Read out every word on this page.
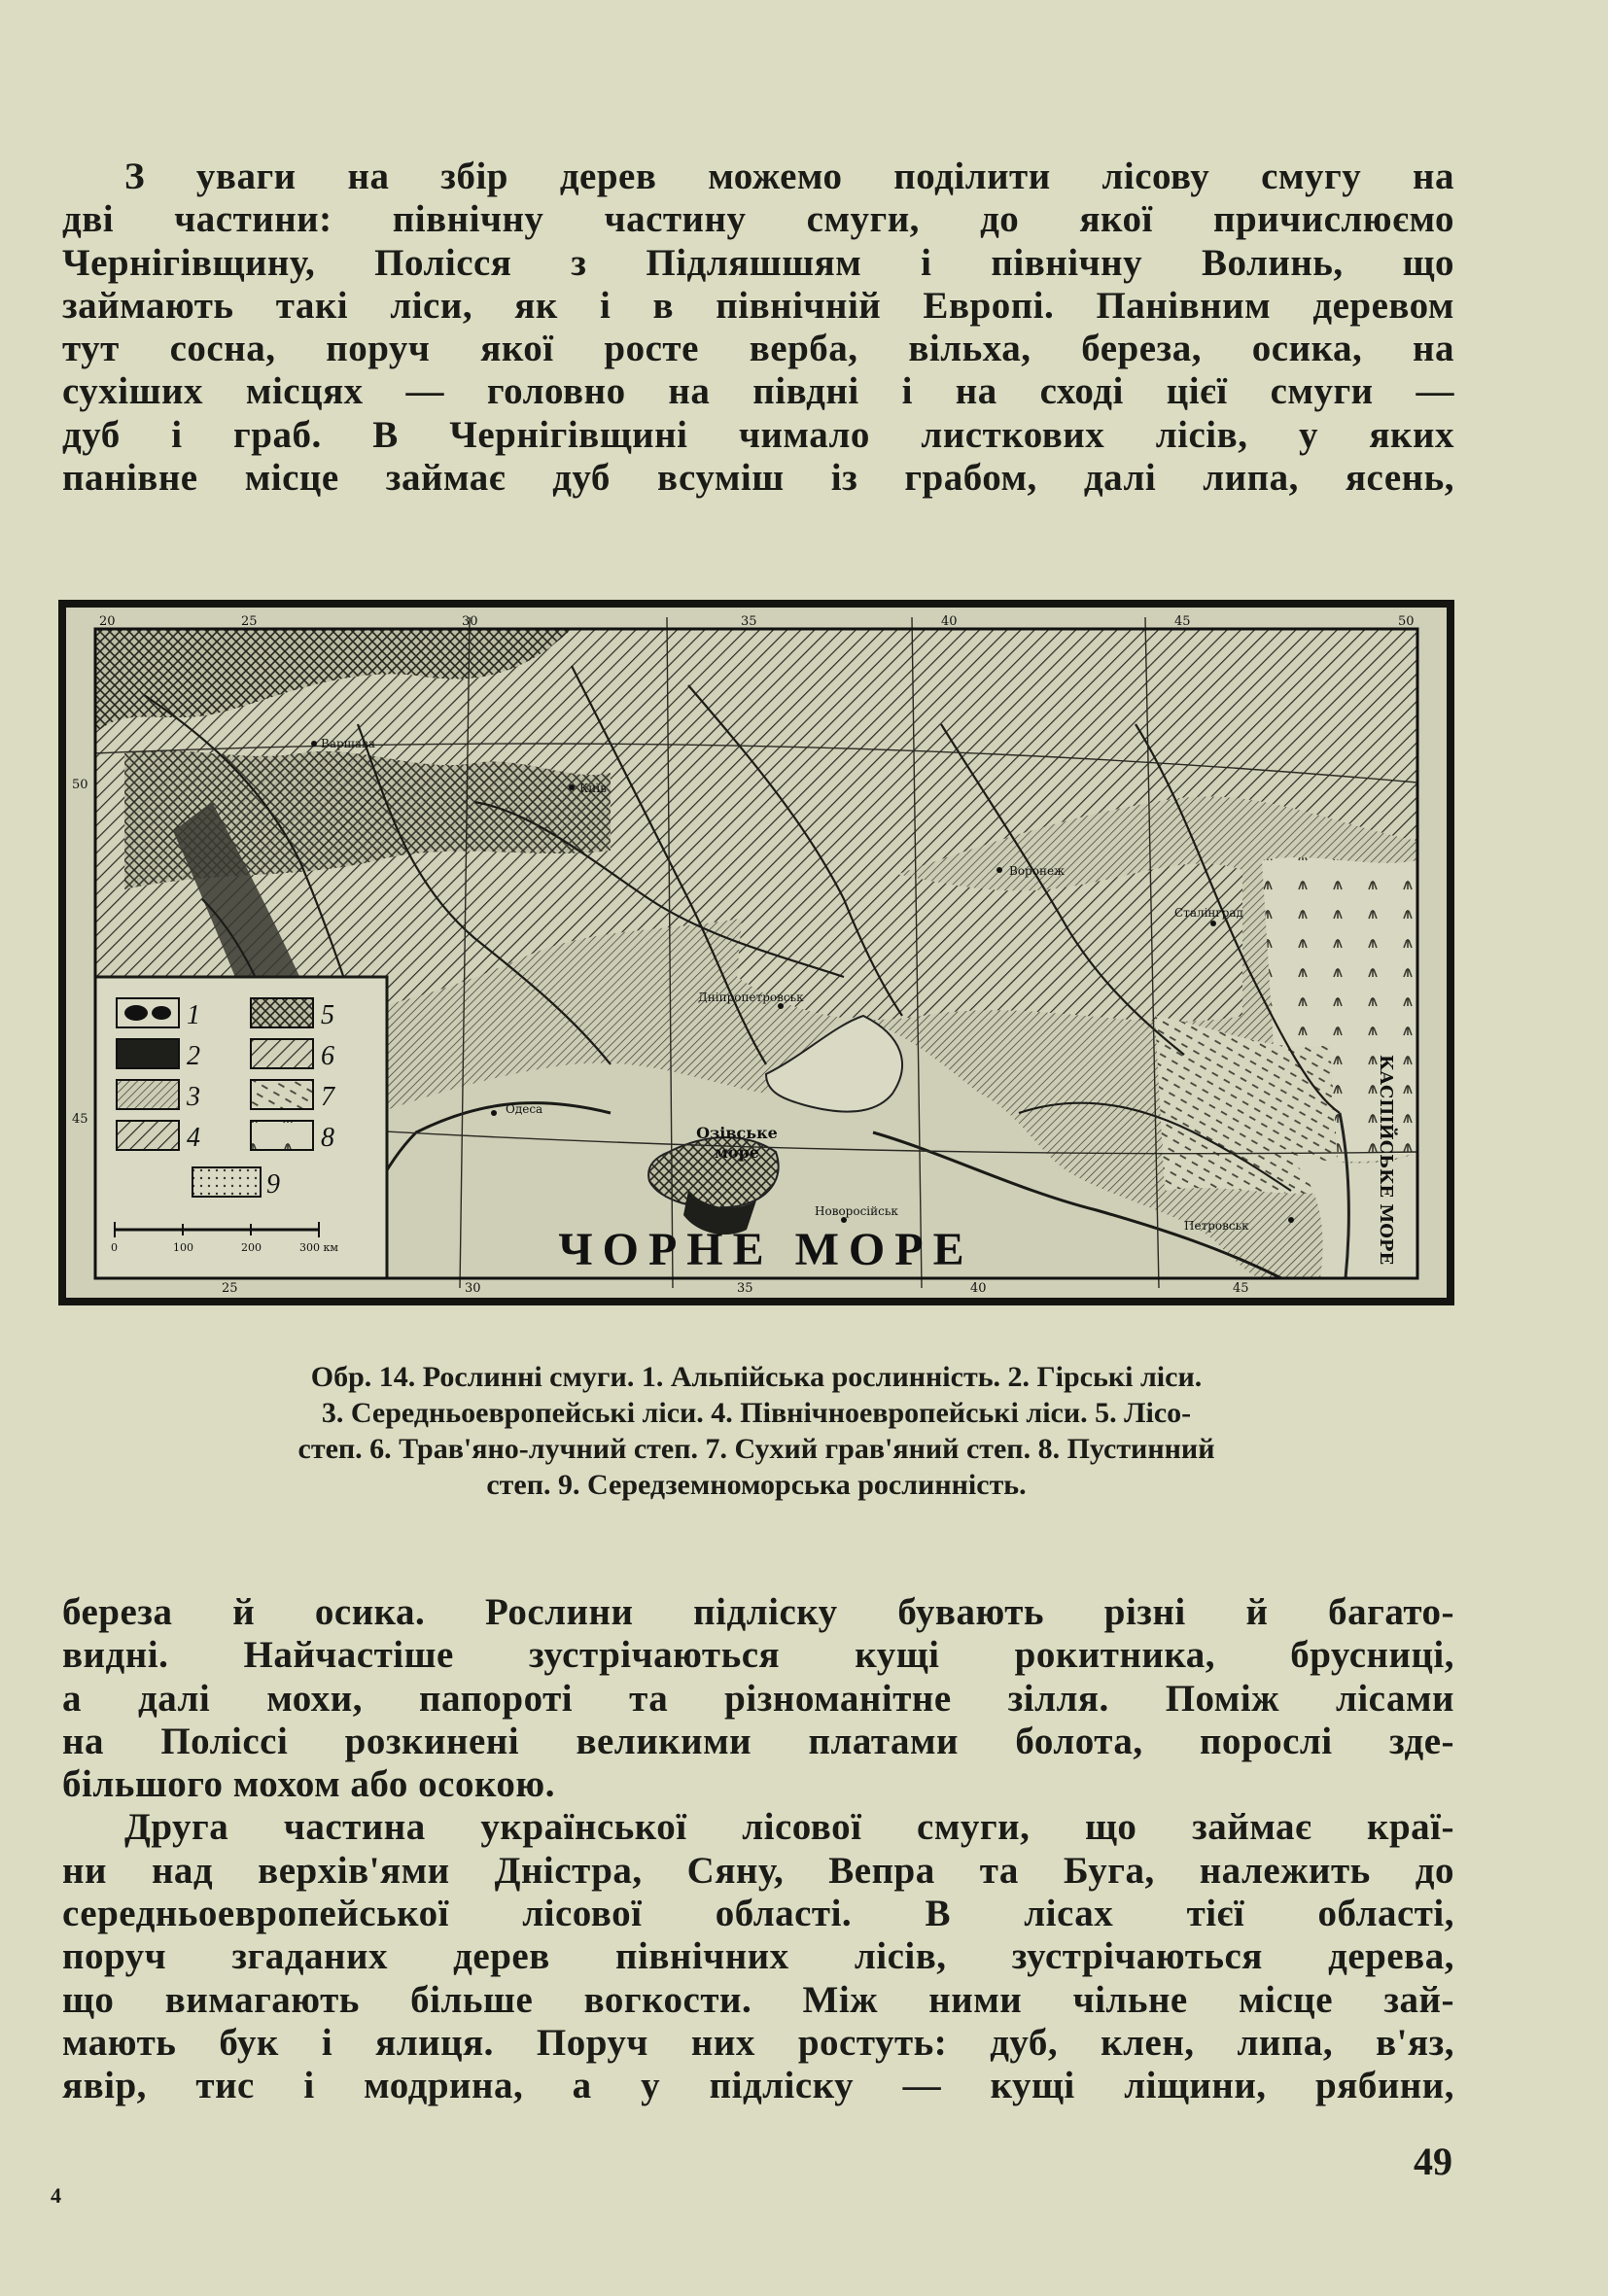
З уваги на збір дерев можемо поділити лісову смугу на
дві частини: північну частину смуги, до якої причислюємо
Чернігівщину, Полісся з Підляшшям і північну Волинь, що
займають такі ліси, як і в північній Европі. Панівним деревом
тут сосна, поруч якої росте верба, вільха, береза, осика, на
сухіших місцях — головно на півдні і на сході цієї смуги —
дуб і граб. В Чернігівщині чимало листкових лісів, у яких
панівне місце займає дуб всуміш із грабом, далі липа, ясень,
Варшава
Київ
Дніпропетровськ
Воронеж
Сталінград
Одеса
Петровськ
Новоросійськ
20	25	30	35	40	45	50
25	30	35	40	45
50
45
Озівське
море	КАСПІЙСЬКЕ МОРЕ
ЧОРНЕ МОРЕ
1
2
3
4
5
6
7
8
9
0	100	200	300 км
Обр. 14. Рослинні смуги. 1. Альпійська рослинність. 2. Гірські ліси.
3. Середньоевропейські ліси. 4. Північноевропейські ліси. 5. Лісо-
степ. 6. Трав'яно-лучний степ. 7. Сухий грав'яний степ. 8. Пустинний
степ. 9. Середземноморська рослинність.
береза й осика. Рослини підліску бувають різні й багато-
видні. Найчастіше зустрічаються кущі рокитника, брусниці,
а далі мохи, папороті та різноманітне зілля. Поміж лісами
на Поліссі розкинені великими платами болота, порослі зде-
більшого мохом або осокою.
Друга частина української лісової смуги, що займає краї-
ни над верхів'ями Дністра, Сяну, Вепра та Буга, належить до
середньоевропейської лісової області. В лісах тієї області,
поруч згаданих дерев північних лісів, зустрічаються дерева,
що вимагають більше вогкости. Між ними чільне місце зай-
мають бук і ялиця. Поруч них ростуть: дуб, клен, липа, в'яз,
явір, тис і модрина, а у підліску — кущі ліщини, рябини,
49
4
